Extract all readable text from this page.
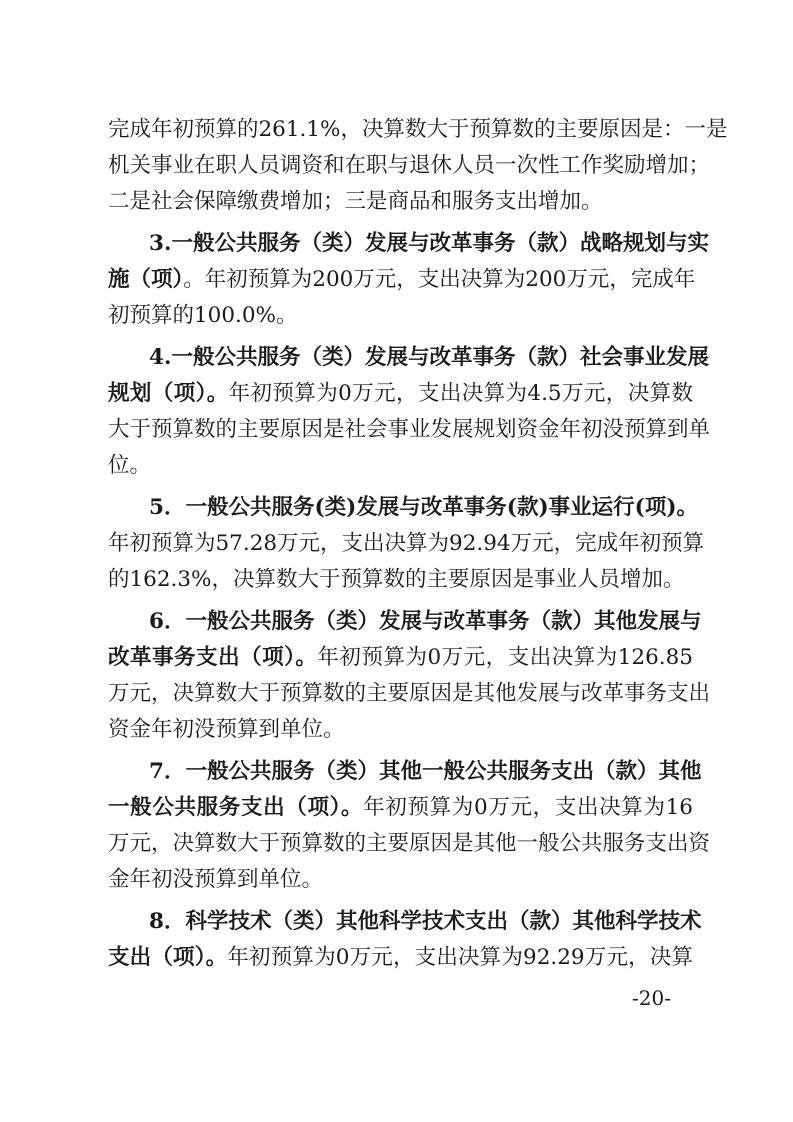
完成年初预算的261.1%，决算数大于预算数的主要原因是：一是
机关事业在职人员调资和在职与退休人员一次性工作奖励增加；
二是社会保障缴费增加；三是商品和服务支出增加。
3.一般公共服务（类）发展与改革事务（款）战略规划与实
施（项）。年初预算为200万元，支出决算为200万元，完成年
初预算的100.0%。
4.一般公共服务（类）发展与改革事务（款）社会事业发展
规划（项）。年初预算为0万元，支出决算为4.5万元，决算数
大于预算数的主要原因是社会事业发展规划资金年初没预算到单
位。
5．一般公共服务(类)发展与改革事务(款)事业运行(项)。
年初预算为57.28万元，支出决算为92.94万元，完成年初预算
的162.3%，决算数大于预算数的主要原因是事业人员增加。
6．一般公共服务（类）发展与改革事务（款）其他发展与
改革事务支出（项）。年初预算为0万元，支出决算为126.85
万元，决算数大于预算数的主要原因是其他发展与改革事务支出
资金年初没预算到单位。
7．一般公共服务（类）其他一般公共服务支出（款）其他
一般公共服务支出（项）。年初预算为0万元，支出决算为16
万元，决算数大于预算数的主要原因是其他一般公共服务支出资
金年初没预算到单位。
8．科学技术（类）其他科学技术支出（款）其他科学技术
支出（项）。年初预算为0万元，支出决算为92.29万元，决算
-20-
